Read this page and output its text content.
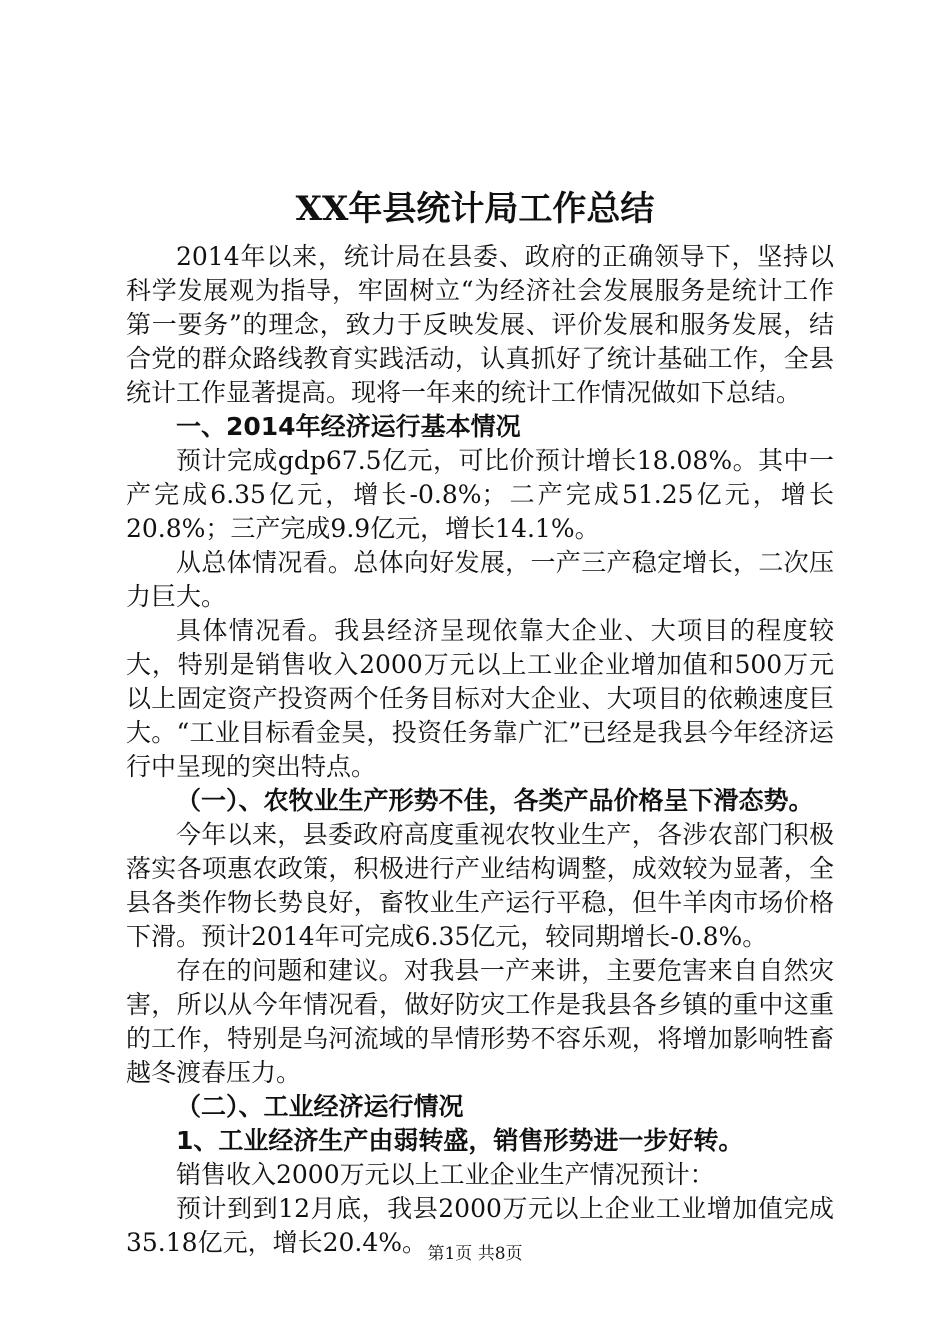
XX年县统计局工作总结

2014年以来，统计局在县委、政府的正确领导下，坚持以科学发展观为指导，牢固树立“为经济社会发展服务是统计工作第一要务”的理念，致力于反映发展、评价发展和服务发展，结合党的群众路线教育实践活动，认真抓好了统计基础工作，全县统计工作显著提高。现将一年来的统计工作情况做如下总结。

一、2014年经济运行基本情况

预计完成gdp67.5亿元，可比价预计增长18.08%。其中一产完成6.35亿元，增长-0.8%；二产完成51.25亿元，增长20.8%；三产完成9.9亿元，增长14.1%。

从总体情况看。总体向好发展，一产三产稳定增长，二次压力巨大。

具体情况看。我县经济呈现依靠大企业、大项目的程度较大，特别是销售收入2000万元以上工业企业增加值和500万元以上固定资产投资两个任务目标对大企业、大项目的依赖速度巨大。“工业目标看金昊，投资任务靠广汇”已经是我县今年经济运行中呈现的突出特点。

（一）、农牧业生产形势不佳，各类产品价格呈下滑态势。

今年以来，县委政府高度重视农牧业生产，各涉农部门积极落实各项惠农政策，积极进行产业结构调整，成效较为显著，全县各类作物长势良好，畜牧业生产运行平稳，但牛羊肉市场价格下滑。预计2014年可完成6.35亿元，较同期增长-0.8%。

存在的问题和建议。对我县一产来讲，主要危害来自自然灾害，所以从今年情况看，做好防灾工作是我县各乡镇的重中这重的工作，特别是乌河流域的旱情形势不容乐观，将增加影响牲畜越冬渡春压力。

（二）、工业经济运行情况

1、工业经济生产由弱转盛，销售形势进一步好转。

销售收入2000万元以上工业企业生产情况预计：

预计到到12月底，我县2000万元以上企业工业增加值完成35.18亿元，增长20.4%。 第1页 共8页
